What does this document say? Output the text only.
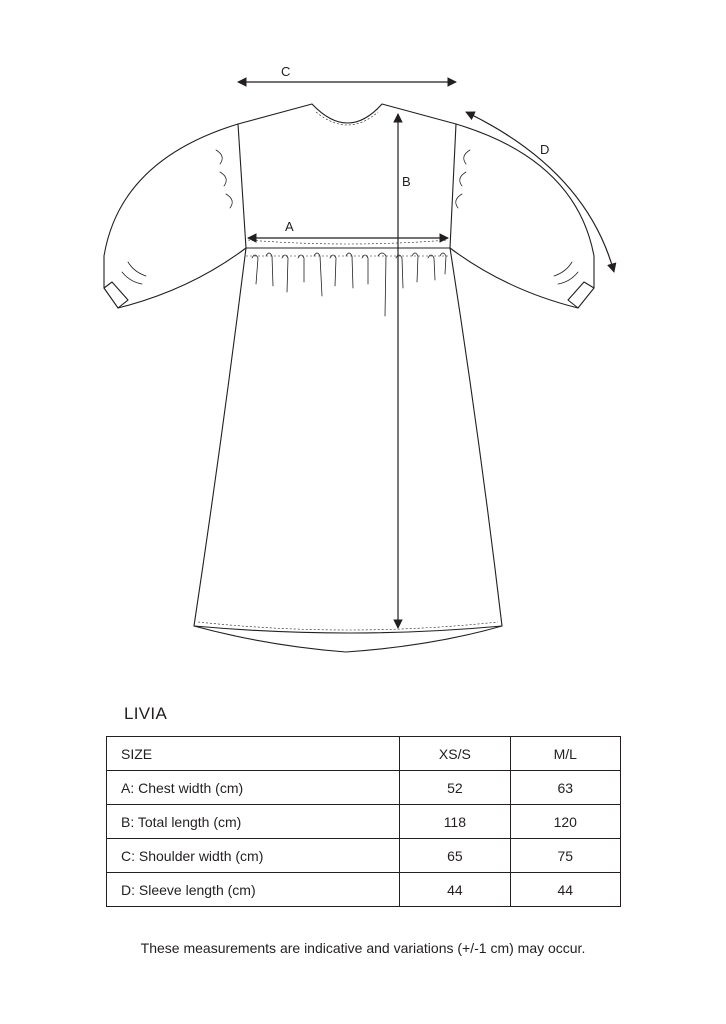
C
B
A
D
LIVIA
SIZE	XS/S	M/L
A: Chest width (cm)	52	63
B: Total length (cm)	118	120
C: Shoulder width (cm)	65	75
D: Sleeve length (cm)	44	44

These measurements are indicative and variations (+/-1 cm) may occur.
